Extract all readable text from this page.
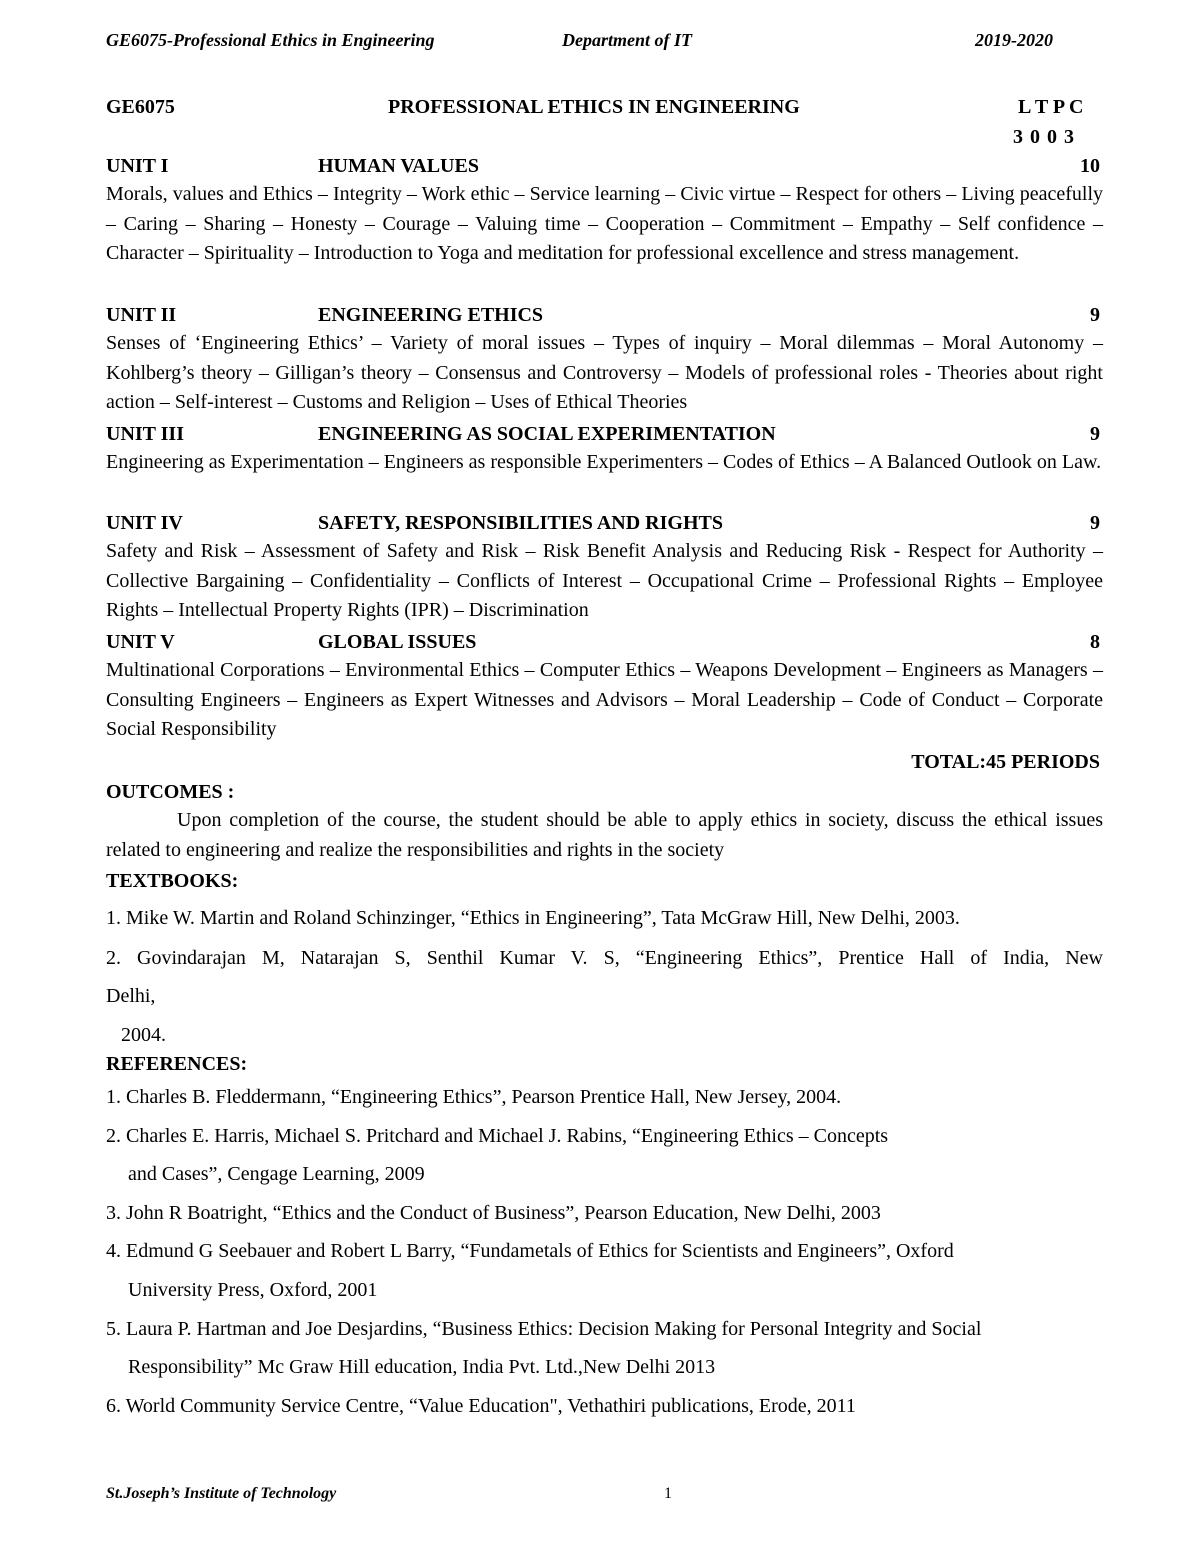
GE6075-Professional Ethics in Engineering	Department of IT	2019-2020
GE6075	PROFESSIONAL ETHICS IN ENGINEERING	L T P C
3 0 0 3
UNIT I	HUMAN VALUES	10
Morals, values and Ethics – Integrity – Work ethic – Service learning – Civic virtue – Respect for others – Living peacefully – Caring – Sharing – Honesty – Courage – Valuing time – Cooperation – Commitment – Empathy – Self confidence – Character – Spirituality – Introduction to Yoga and meditation for professional excellence and stress management.
UNIT II	ENGINEERING ETHICS	9
Senses of ‘Engineering Ethics’ – Variety of moral issues – Types of inquiry – Moral dilemmas – Moral Autonomy – Kohlberg’s theory – Gilligan’s theory – Consensus and Controversy – Models of professional roles - Theories about right action – Self-interest – Customs and Religion – Uses of Ethical Theories
UNIT III	ENGINEERING AS SOCIAL EXPERIMENTATION	9
Engineering as Experimentation – Engineers as responsible Experimenters – Codes of Ethics – A Balanced Outlook on Law.
UNIT IV	SAFETY, RESPONSIBILITIES AND RIGHTS	9
Safety and Risk – Assessment of Safety and Risk – Risk Benefit Analysis and Reducing Risk - Respect for Authority – Collective Bargaining – Confidentiality – Conflicts of Interest – Occupational Crime – Professional Rights – Employee Rights – Intellectual Property Rights (IPR) – Discrimination
UNIT V	GLOBAL ISSUES	8
Multinational Corporations – Environmental Ethics – Computer Ethics – Weapons Development – Engineers as Managers – Consulting Engineers – Engineers as Expert Witnesses and Advisors – Moral Leadership – Code of Conduct – Corporate Social Responsibility
TOTAL:45 PERIODS
OUTCOMES :
Upon completion of the course, the student should be able to apply ethics in society, discuss the ethical issues related to engineering and realize the responsibilities and rights in the society
TEXTBOOKS:
1. Mike W. Martin and Roland Schinzinger, “Ethics in Engineering”, Tata McGraw Hill, New Delhi, 2003.
2. Govindarajan M, Natarajan S, Senthil Kumar V. S, “Engineering Ethics”, Prentice Hall of India, New
Delhi,
2004.
REFERENCES:
1. Charles B. Fleddermann, “Engineering Ethics”, Pearson Prentice Hall, New Jersey, 2004.
2. Charles E. Harris, Michael S. Pritchard and Michael J. Rabins, “Engineering Ethics – Concepts
and Cases”, Cengage Learning, 2009
3. John R Boatright, “Ethics and the Conduct of Business”, Pearson Education, New Delhi, 2003
4. Edmund G Seebauer and Robert L Barry, “Fundametals of Ethics for Scientists and Engineers”, Oxford
University Press, Oxford, 2001
5. Laura P. Hartman and Joe Desjardins, “Business Ethics: Decision Making for Personal Integrity and Social
Responsibility” Mc Graw Hill education, India Pvt. Ltd.,New Delhi 2013
6. World Community Service Centre, “Value Education", Vethathiri publications, Erode, 2011
St.Joseph’s Institute of Technology	1
